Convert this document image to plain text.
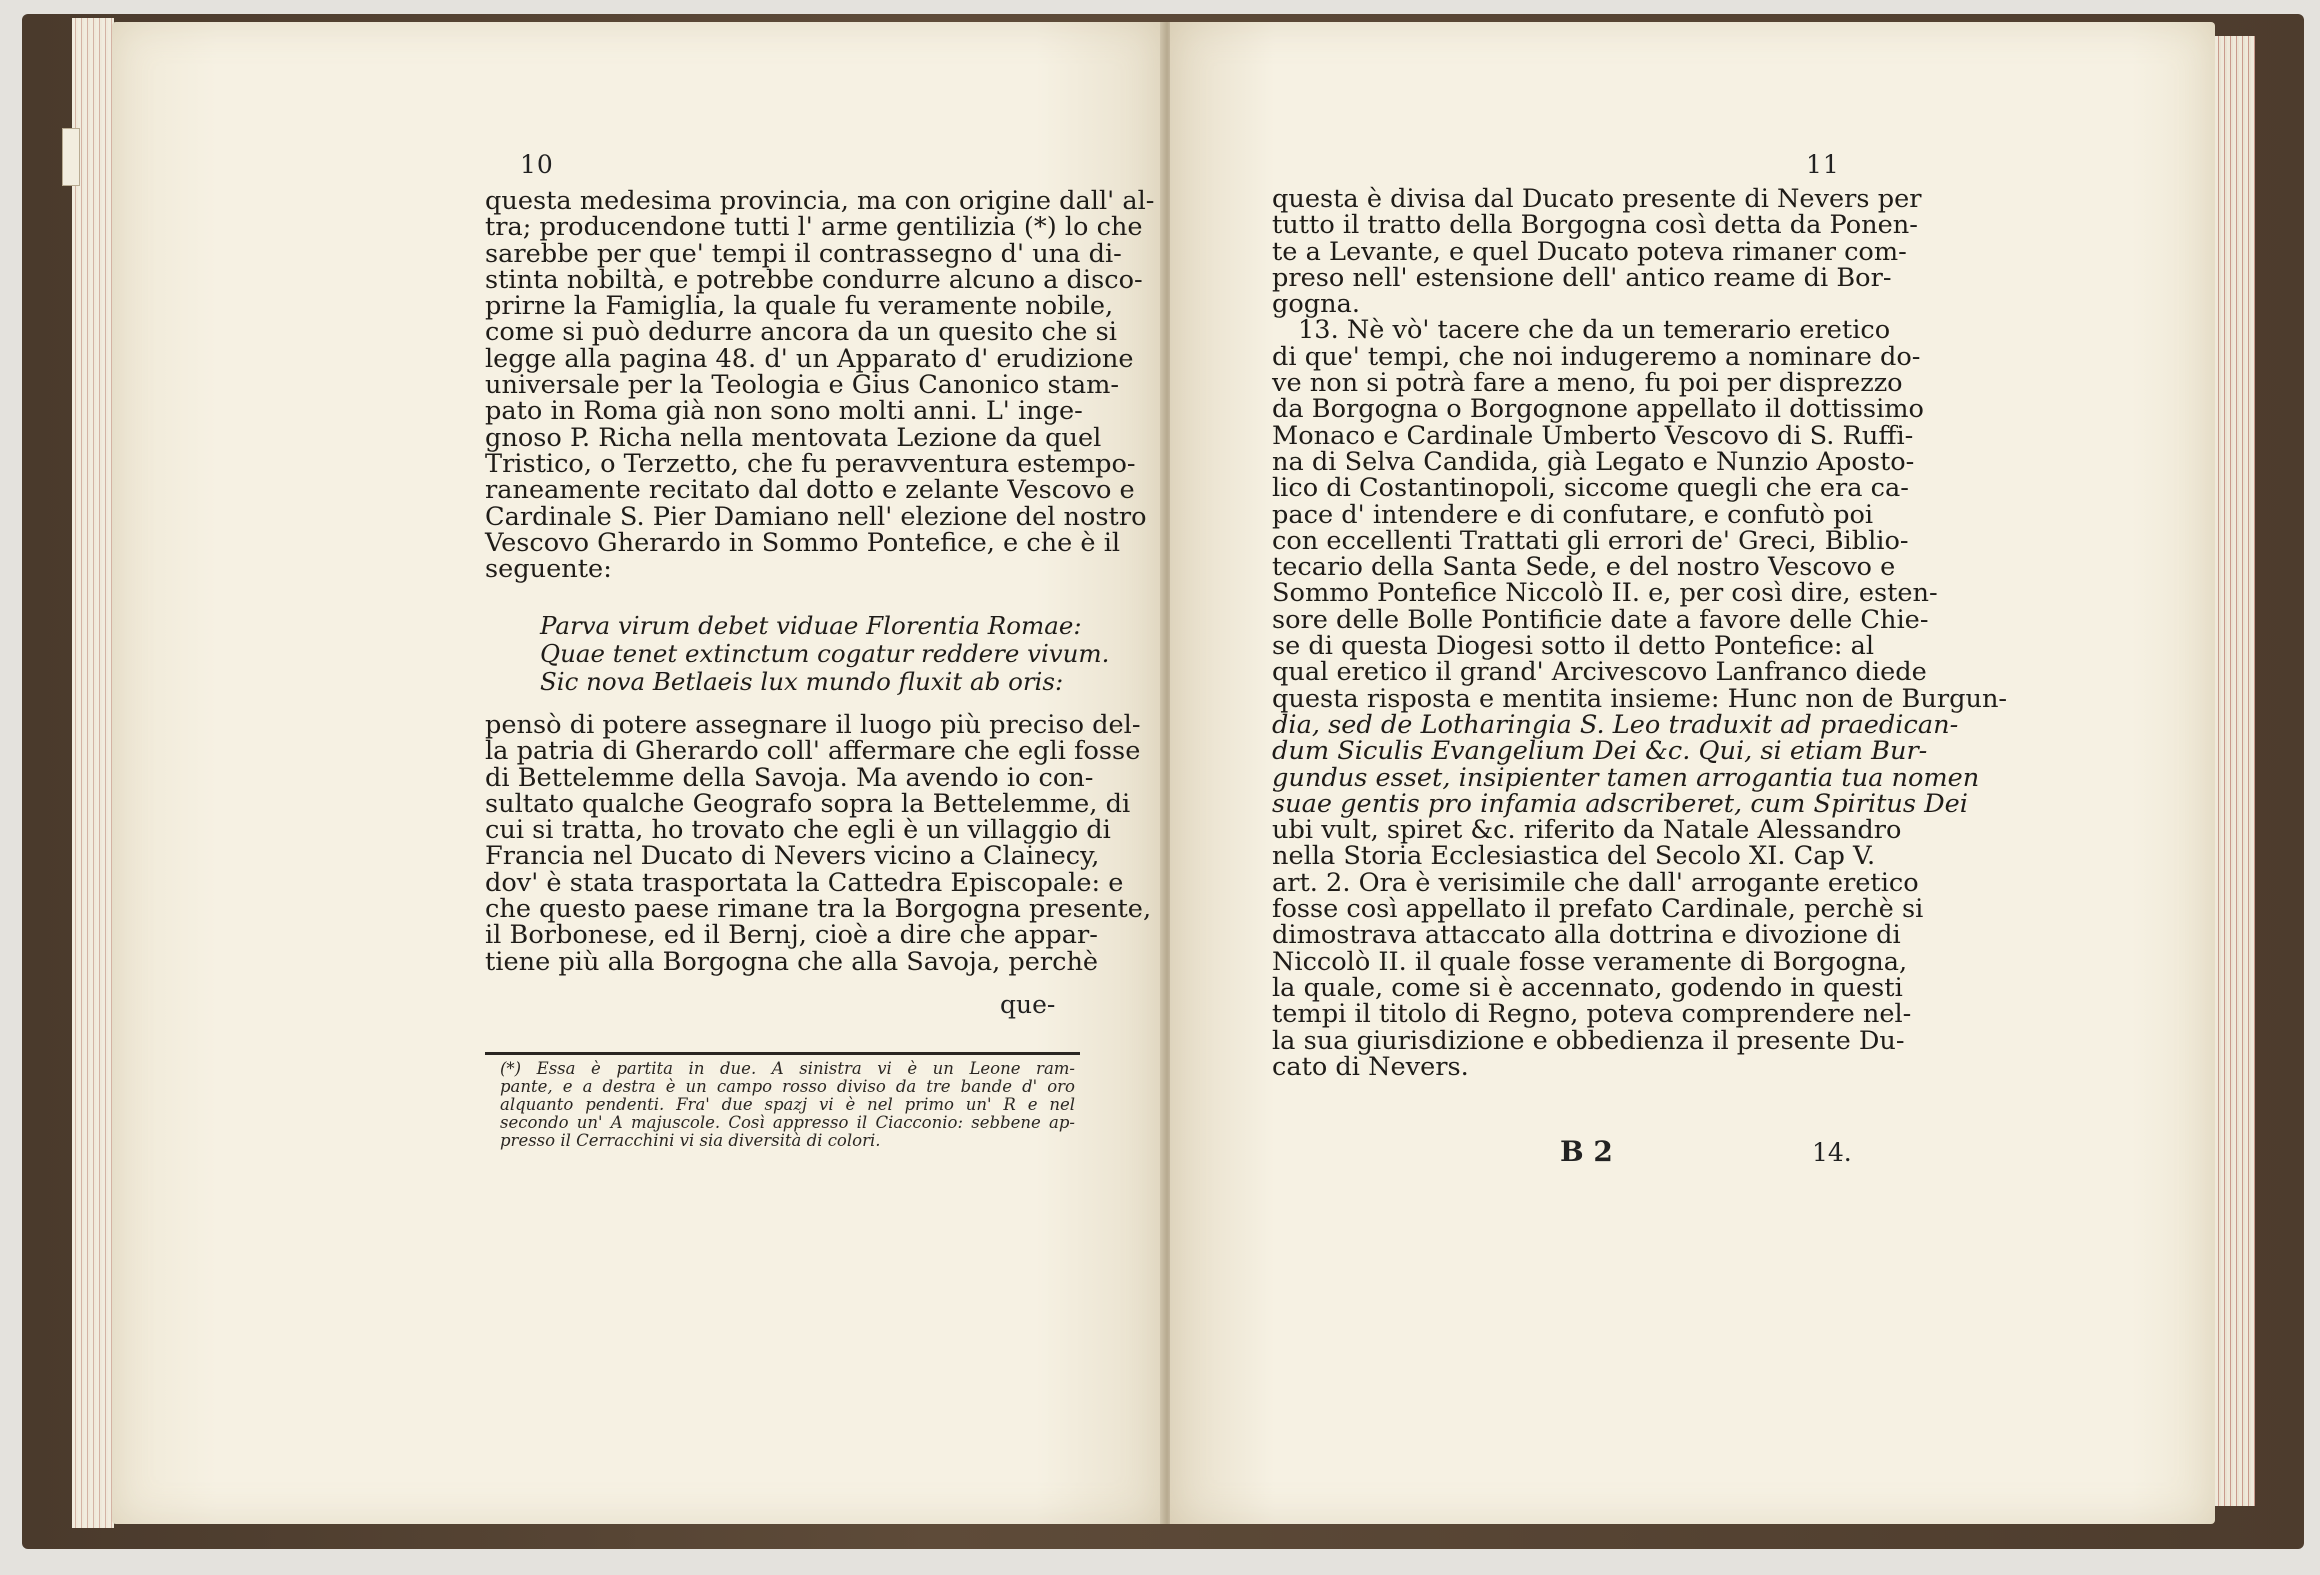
10

questa medesima provincia, ma con origine dall' al-

tra; producendone tutti l' arme gentilizia (*) lo che

sarebbe per que' tempi il contrassegno d' una di-

stinta nobiltà, e potrebbe condurre alcuno a disco-

prirne la Famiglia, la quale fu veramente nobile,

come si può dedurre ancora da un quesito che si

legge alla pagina 48. d' un Apparato d' erudizione

universale per la Teologia e Gius Canonico stam-

pato in Roma già non sono molti anni. L' inge-

gnoso P. Richa nella mentovata Lezione da quel

Tristico, o Terzetto, che fu peravventura estempo-

raneamente recitato dal dotto e zelante Vescovo e

Cardinale S. Pier Damiano nell' elezione del nostro

Vescovo Gherardo in Sommo Pontefice, e che è il

seguente:

Parva virum debet viduae Florentia Romae:

Quae tenet extinctum cogatur reddere vivum.

Sic nova Betlaeis lux mundo fluxit ab oris:

pensò di potere assegnare il luogo più preciso del-

la patria di Gherardo coll' affermare che egli fosse

di Bettelemme della Savoja. Ma avendo io con-

sultato qualche Geografo sopra la Bettelemme, di

cui si tratta, ho trovato che egli è un villaggio di

Francia nel Ducato di Nevers vicino a Clainecy,

dov' è stata trasportata la Cattedra Episcopale: e

che questo paese rimane tra la Borgogna presente,

il Borbonese, ed il Bernj, cioè a dire che appar-

tiene più alla Borgogna che alla Savoja, perchè

que-

(*) Essa è partita in due. A sinistra vi è un Leone ram-

pante, e a destra è un campo rosso diviso da tre bande d' oro

alquanto pendenti. Fra' due spazj vi è nel primo un' R e nel

secondo un' A majuscole. Così appresso il Ciacconio: sebbene ap-

presso il Cerracchini vi sia diversità di colori.

11

questa è divisa dal Ducato presente di Nevers per

tutto il tratto della Borgogna così detta da Ponen-

te a Levante, e quel Ducato poteva rimaner com-

preso nell' estensione dell' antico reame di Bor-

gogna.

13. Nè vò' tacere che da un temerario eretico

di que' tempi, che noi indugeremo a nominare do-

ve non si potrà fare a meno, fu poi per disprezzo

da Borgogna o Borgognone appellato il dottissimo

Monaco e Cardinale Umberto Vescovo di S. Ruffi-

na di Selva Candida, già Legato e Nunzio Aposto-

lico di Costantinopoli, siccome quegli che era ca-

pace d' intendere e di confutare, e confutò poi

con eccellenti Trattati gli errori de' Greci, Biblio-

tecario della Santa Sede, e del nostro Vescovo e

Sommo Pontefice Niccolò II. e, per così dire, esten-

sore delle Bolle Pontificie date a favore delle Chie-

se di questa Diogesi sotto il detto Pontefice: al

qual eretico il grand' Arcivescovo Lanfranco diede

questa risposta e mentita insieme: Hunc non de Burgun-

dia, sed de Lotharingia S. Leo traduxit ad praedican-

dum Siculis Evangelium Dei &c. Qui, si etiam Bur-

gundus esset, insipienter tamen arrogantia tua nomen

suae gentis pro infamia adscriberet, cum Spiritus Dei

ubi vult, spiret &c. riferito da Natale Alessandro

nella Storia Ecclesiastica del Secolo XI. Cap V.

art. 2. Ora è verisimile che dall' arrogante eretico

fosse così appellato il prefato Cardinale, perchè si

dimostrava attaccato alla dottrina e divozione di

Niccolò II. il quale fosse veramente di Borgogna,

la quale, come si è accennato, godendo in questi

tempi il titolo di Regno, poteva comprendere nel-

la sua giurisdizione e obbedienza il presente Du-

cato di Nevers.

B 2	14.
